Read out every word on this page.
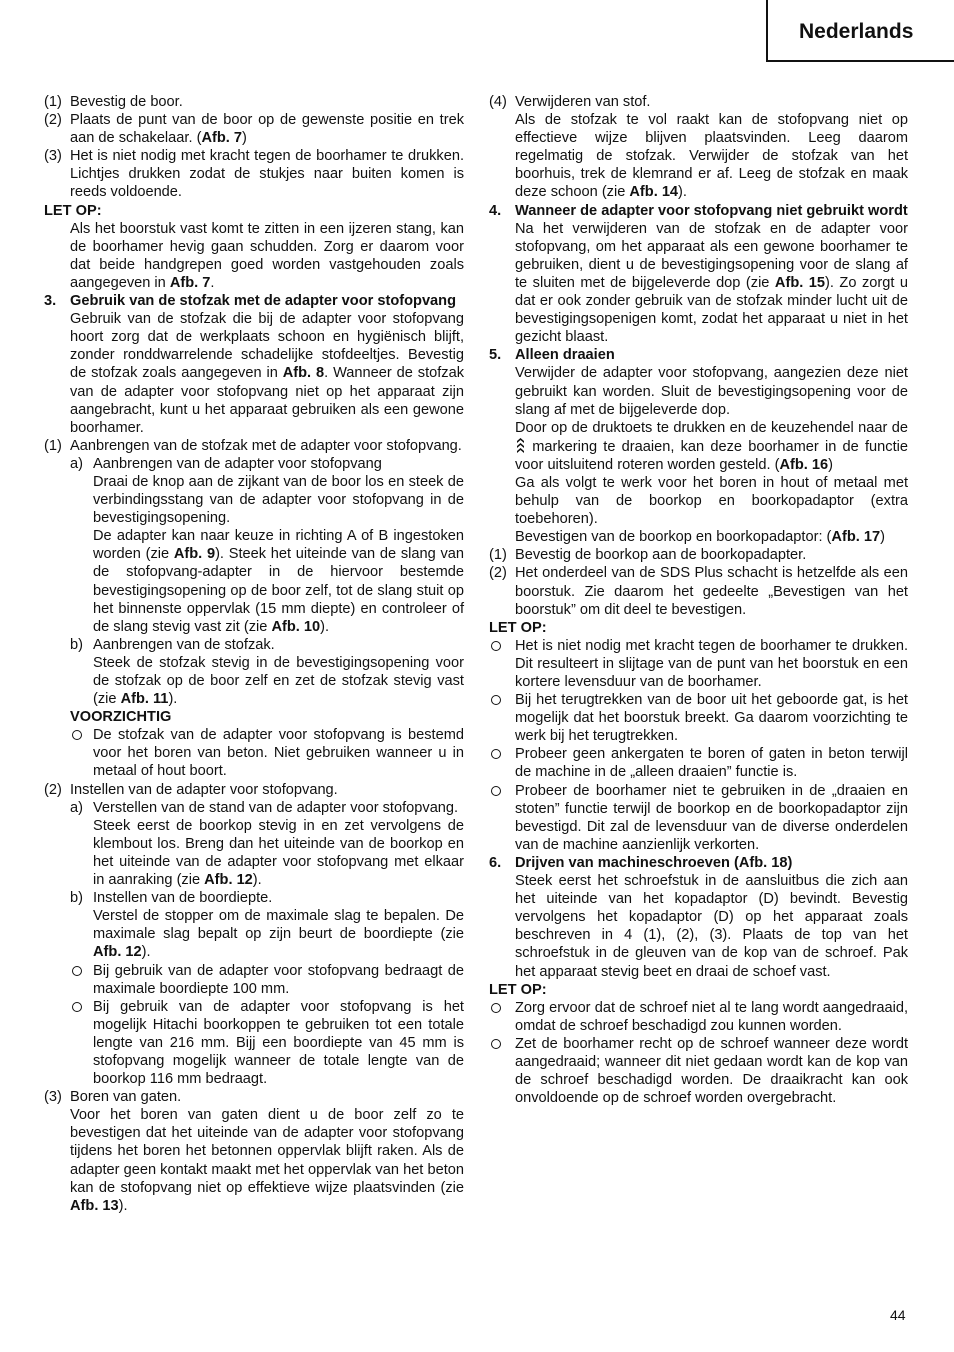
Nederlands
(1) Bevestig de boor.
(2) Plaats de punt van de boor op de gewenste positie en trek aan de schakelaar. (Afb. 7)
(3) Het is niet nodig met kracht tegen de boorhamer te drukken. Lichtjes drukken zodat de stukjes naar buiten komen is reeds voldoende.
LET OP:
Als het boorstuk vast komt te zitten in een ijzeren stang, kan de boorhamer hevig gaan schudden. Zorg er daarom voor dat beide handgrepen goed worden vastgehouden zoals aangegeven in Afb. 7.
3. Gebruik van de stofzak met de adapter voor stofopvang
Gebruik van de stofzak die bij de adapter voor stofopvang hoort zorg dat de werkplaats schoon en hygiënisch blijft, zonder ronddwarrelende schadelijke stofdeeltjes. Bevestig de stofzak zoals aangegeven in Afb. 8. Wanneer de stofzak van de adapter voor stofopvang niet op het apparaat zijn aangebracht, kunt u het apparaat gebruiken als een gewone boorhamer.
(1) Aanbrengen van de stofzak met de adapter voor stofopvang.
a) Aanbrengen van de adapter voor stofopvang
Draai de knop aan de zijkant van de boor los en steek de verbindingsstang van de adapter voor stofopvang in de bevestigingsopening.
De adapter kan naar keuze in richting A of B ingestoken worden (zie Afb. 9). Steek het uiteinde van de slang van de stofopvang-adapter in de hiervoor bestemde bevestigingsopening op de boor zelf, tot de slang stuit op het binnenste oppervlak (15 mm diepte) en controleer of de slang stevig vast zit (zie Afb. 10).
b) Aanbrengen van de stofzak.
Steek de stofzak stevig in de bevestigingsopening voor de stofzak op de boor zelf en zet de stofzak stevig vast (zie Afb. 11).
VOORZICHTIG
De stofzak van de adapter voor stofopvang is bestemd voor het boren van beton. Niet gebruiken wanneer u in metaal of hout boort.
(2) Instellen van de adapter voor stofopvang.
a) Verstellen van de stand van de adapter voor stofopvang.
Steek eerst de boorkop stevig in en zet vervolgens de klembout los. Breng dan het uiteinde van de boorkop en het uiteinde van de adapter voor stofopvang met elkaar in aanraking (zie Afb. 12).
b) Instellen van de boordiepte.
Verstel de stopper om de maximale slag te bepalen. De maximale slag bepalt op zijn beurt de boordiepte (zie Afb. 12).
Bij gebruik van de adapter voor stofopvang bedraagt de maximale boordiepte 100 mm.
Bij gebruik van de adapter voor stofopvang is het mogelijk Hitachi boorkoppen te gebruiken tot een totale lengte van 216 mm. Bijj een boordiepte van 45 mm is stofopvang mogelijk wanneer de totale lengte van de boorkop 116 mm bedraagt.
(3) Boren van gaten.
Voor het boren van gaten dient u de boor zelf zo te bevestigen dat het uiteinde van de adapter voor stofopvang tijdens het boren het betonnen oppervlak blijft raken. Als de adapter geen kontakt maakt met het oppervlak van het beton kan de stofopvang niet op effektieve wijze plaatsvinden (zie Afb. 13).
(4) Verwijderen van stof.
Als de stofzak te vol raakt kan de stofopvang niet op effectieve wijze blijven plaatsvinden. Leeg daarom regelmatig de stofzak. Verwijder de stofzak van het boorhuis, trek de klemrand er af. Leeg de stofzak en maak deze schoon (zie Afb. 14).
4. Wanneer de adapter voor stofopvang niet gebruikt wordt
Na het verwijderen van de stofzak en de adapter voor stofopvang, om het apparaat als een gewone boorhamer te gebruiken, dient u de bevestigingsopening voor de slang af te sluiten met de bijgeleverde dop (zie Afb. 15). Zo zorgt u dat er ook zonder gebruik van de stofzak minder lucht uit de bevestigingsopenigen komt, zodat het apparaat u niet in het gezicht blaast.
5. Alleen draaien
Verwijder de adapter voor stofopvang, aangezien deze niet gebruikt kan worden. Sluit de bevestigingsopening voor de slang af met de bijgeleverde dop.
Door op de druktoets te drukken en de keuzehendel naar de  markering te draaien, kan deze boorhamer in de functie voor uitsluitend roteren worden gesteld. (Afb. 16)
Ga als volgt te werk voor het boren in hout of metaal met behulp van de boorkop en boorkopadaptor (extra toebehoren).
Bevestigen van de boorkop en boorkopadaptor: (Afb. 17)
(1) Bevestig de boorkop aan de boorkopadapter.
(2) Het onderdeel van de SDS Plus schacht is hetzelfde als een boorstuk. Zie daarom het gedeelte „Bevestigen van het boorstuk” om dit deel te bevestigen.
LET OP:
Het is niet nodig met kracht tegen de boorhamer te drukken. Dit resulteert in slijtage van de punt van het boorstuk en een kortere levensduur van de boorhamer.
Bij het terugtrekken van de boor uit het geboorde gat, is het mogelijk dat het boorstuk breekt. Ga daarom voorzichting te werk bij het terugtrekken.
Probeer geen ankergaten te boren of gaten in beton terwijl de machine in de „alleen draaien” functie is.
Probeer de boorhamer niet te gebruiken in de „draaien en stoten” functie terwijl de boorkop en de boorkopadaptor zijn bevestigd. Dit zal de levensduur van de diverse onderdelen van de machine aanzienlijk verkorten.
6. Drijven van machineschroeven (Afb. 18)
Steek eerst het schroefstuk in de aansluitbus die zich aan het uiteinde van het kopadaptor (D) bevindt. Bevestig vervolgens het kopadaptor (D) op het apparaat zoals beschreven in 4 (1), (2), (3). Plaats de top van het schroefstuk in de gleuven van de kop van de schroef. Pak het apparaat stevig beet en draai de schoef vast.
LET OP:
Zorg ervoor dat de schroef niet al te lang wordt aangedraaid, omdat de schroef beschadigd zou kunnen worden.
Zet de boorhamer recht op de schroef wanneer deze wordt aangedraaid; wanneer dit niet gedaan wordt kan de kop van de schroef beschadigd worden. De draaikracht kan ook onvoldoende op de schroef worden overgebracht.
44
